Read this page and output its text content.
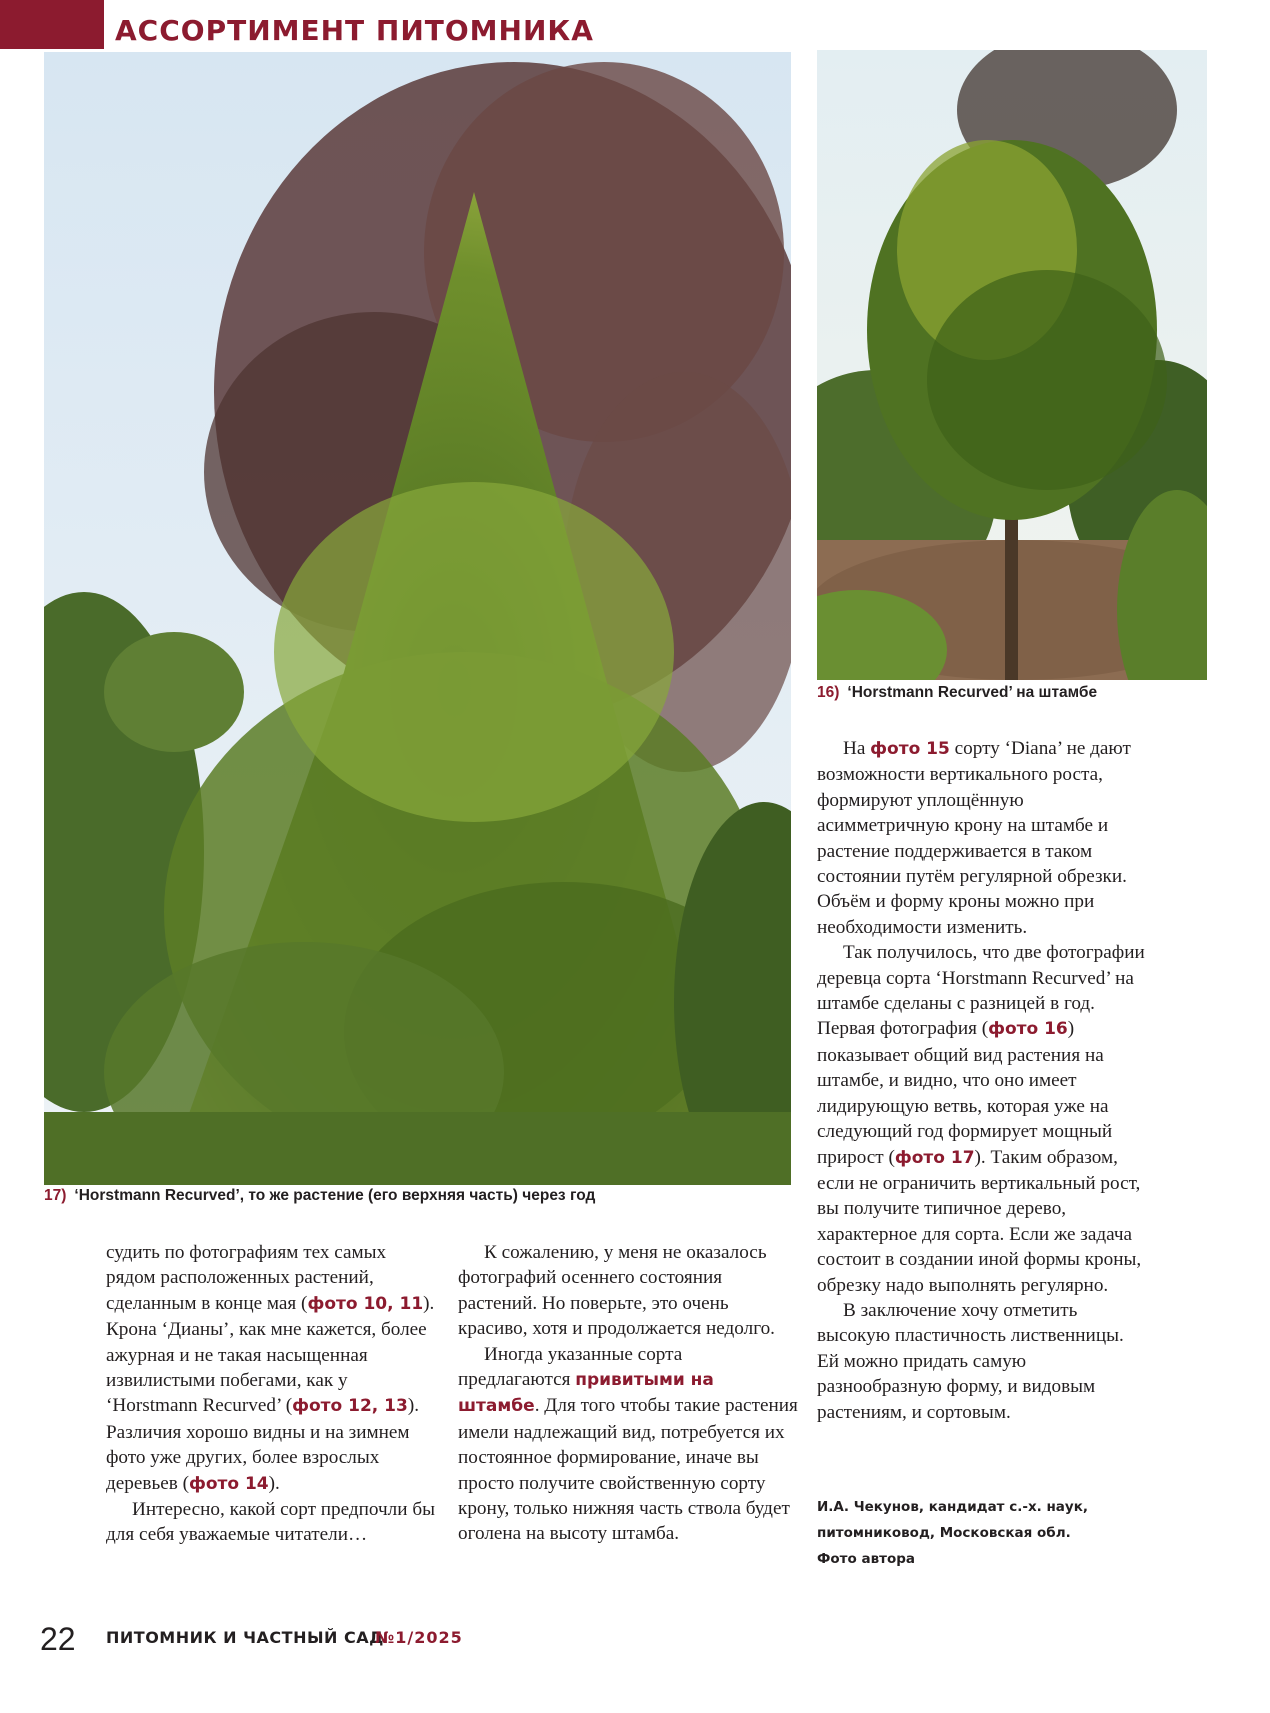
АССОРТИМЕНТ ПИТОМНИКА
17) ‘Horstmann Recurved’, то же растение (его верхняя часть) через год
16) ‘Horstmann Recurved’ на штамбе

судить по фотографиям тех самых рядом расположенных растений, сделанным в конце мая (фото 10, 11). Крона ‘Дианы’, как мне кажется, более ажурная и не такая насыщенная извилистыми побегами, как у ‘Horstmann Recurved’ (фото 12, 13). Различия хорошо видны и на зимнем фото уже других, более взрослых деревьев (фото 14).

Интересно, какой сорт предпочли бы для себя уважаемые читатели…

К сожалению, у меня не оказалось фотографий осеннего состояния растений. Но поверьте, это очень красиво, хотя и продолжается недолго.

Иногда указанные сорта предлагаются привитыми на штамбе. Для того чтобы такие растения имели надлежащий вид, потребуется их постоянное формирование, иначе вы просто получите свойственную сорту крону, только нижняя часть ствола будет оголена на высоту штамба.

На фото 15 сорту ‘Diana’ не дают возможности вертикального роста, формируют уплощённую асимметричную крону на штамбе и растение поддерживается в таком состоянии путём регулярной обрезки. Объём и форму кроны можно при необходимости изменить.

Так получилось, что две фотографии деревца сорта ‘Horstmann Recurved’ на штамбе сделаны с разницей в год. Первая фотография (фото 16) показывает общий вид растения на штамбе, и видно, что оно имеет лидирующую ветвь, которая уже на следующий год формирует мощный прирост (фото 17). Таким образом, если не ограничить вертикальный рост, вы получите типичное дерево, характерное для сорта. Если же задача состоит в создании иной формы кроны, обрезку надо выполнять регулярно.

В заключение хочу отметить высокую пластичность лиственницы. Ей можно придать самую разнообразную форму, и видовым растениям, и сортовым.

И.А. Чекунов, кандидат с.-х. наук,
питомниковод, Московская обл.
Фото автора
22 ПИТОМНИК И ЧАСТНЫЙ САД
№1/2025
